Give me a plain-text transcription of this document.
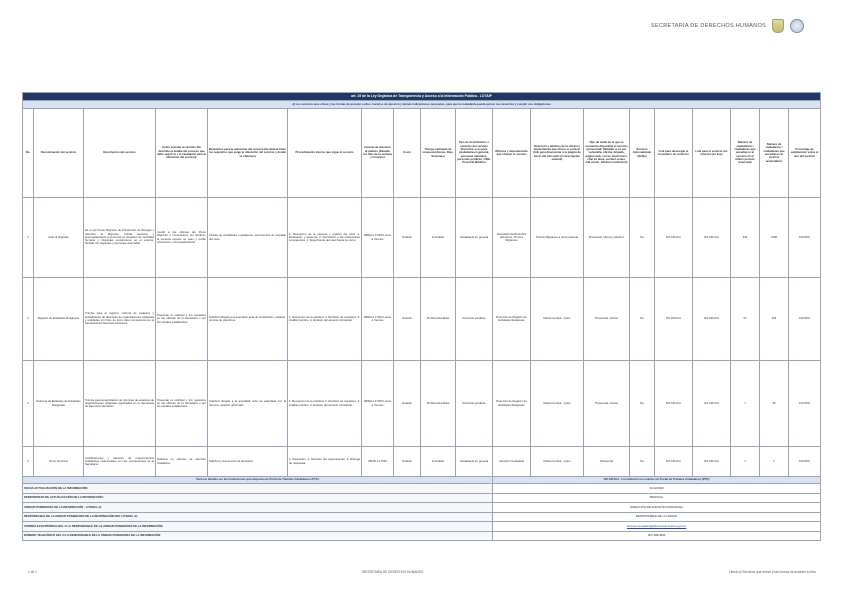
SECRETARÍA DE DERECHOS HUMANOS
art. 19 de la Ley Orgánica de Transparencia y Acceso a la Información Pública - LOTAIP																		
d) Los servicios que ofrece y las formas de acceder a ellos, horarios de atención y demás indicaciones necesarias, para que la ciudadanía pueda ejercer sus derechos y cumplir sus obligaciones																		
No.	Denominación del servicio	Descripción del servicio	Cómo acceder al servicio (Se describe el detalle del proceso que debe seguir la o el ciudadano para la obtención del servicio).	Requisitos para la obtención del servicio (Se deberá listar los requisitos que exige la obtención del servicio y donde se obtienen)	Procedimiento interno que sigue el servicio	Horario de atención al público (Detallar los días de la semana y horarios)	Costo	Tiempo estimado de respuesta (Horas, Días, Semanas)	Tipo de beneficiarios o usuarios del servicio (Describir si es para ciudadanía en general, personas naturales, personas jurídicas, ONG, Personal Médico)	Oficinas y dependencias que ofrecen el servicio	Dirección y teléfono de la oficina y dependencia que ofrece el servicio (link para direccionar a la página de inicio del sitio web y/o descripción manual)	Tipo de canal en el que se encuentra disponible el servicio (presencial: (Detallar si es por ventanilla, oficina, brigada, página web, correo electrónico, chat en línea, contact center, call center, teléfono institución)	Servicio Automatizado (Si/No)	Link para descargar el formulario de servicios	Link para el servicio por internet (on line)	Número de ciudadanos / ciudadanas que accedieron al servicio en el último período (mensual)	Número de ciudadanos / ciudadanas que accedieron al servicio acumulativo	Porcentaje de satisfacción sobre el uso del servicio
1	Asilo al Migrante	Es el (el) Punto Migrante de Prevención de Riesgos y Atención al Migrante, brinda asesoría y acompañamiento a personas en situación de movilidad humana y migrantes ecuatorianos en el exterior, familias de migrantes y personas retornadas.	Acudir a las oficinas del Punto Migrante o comunicarse por teléfono; la persona expone su caso y recibe orientación y acompañamiento.	Cédula de ciudadanía o pasaporte; documentos de respaldo del caso.	1. Recepción de la persona y registro del caso. 2. Evaluación y asesoría. 3. Derivación a las instituciones competentes. 4. Seguimiento del caso hasta su cierre.	08h00 a 17h00 Lunes a Viernes	Gratuito	Inmediato	Ciudadanía en general	Secretaría de Derechos Humanos - Puntos Migrantes	Puntos Migrantes a nivel nacional	Presencial, oficina y teléfono	No	NO APLICA	NO APLICA	324	3186	100,00%
2	Registro de Entidades Religiosas	Trámite para el registro, reforma de estatutos y actualización de directivas de organizaciones religiosas y entidades sin fines de lucro bajo competencia de la Secretaría de Derechos Humanos.	Presentar la solicitud y los requisitos en las oficinas de la Secretaría o por los canales establecidos.	Solicitud dirigida a la autoridad, acta de constitución, estatuto, nómina de miembros.	1. Recepción de la solicitud. 2. Revisión de requisitos. 3. Análisis jurídico. 4. Emisión del acuerdo ministerial.	08h00 a 17h00 Lunes a Viernes	Gratuito	15 días laborables	Personas jurídicas	Dirección de Registro de Entidades Religiosas	Planta Central - Quito	Presencial, oficina	No	NO APLICA	NO APLICA	57	464	100,00%
3	Reforma de Estatutos de Entidades Religiosas	Trámite para la aprobación de reformas de estatutos de organizaciones religiosas registradas en la Secretaría de Derechos Humanos.	Presentar la solicitud y los requisitos en las oficinas de la Secretaría o por los canales establecidos.	Solicitud dirigida a la autoridad, acta de asamblea con la reforma, estatuto reformado.	1. Recepción de la solicitud. 2. Revisión de requisitos. 3. Análisis jurídico. 4. Emisión del acuerdo ministerial.	08h00 a 17h00 Lunes a Viernes	Gratuito	15 días laborables	Personas jurídicas	Dirección de Registro de Entidades Religiosas	Planta Central - Quito	Presencial, oficina	No	NO APLICA	NO APLICA	7	95	100,00%
4	Otros Servicios	Certificaciones y atención de requerimientos ciudadanos relacionados con las competencias de la Secretaría.	Solicitud en oficinas de atención ciudadana.	Solicitud y documento de identidad.	1. Recepción. 2. Atención del requerimiento. 3. Entrega de respuesta.	08h00 a 17h00	Gratuito	Inmediato	Ciudadanía en general	Atención Ciudadana	Planta Central - Quito	Presencial	No	NO APLICA	NO APLICA	1	1	100,00%
Para ser llenado por las instituciones que disponen de Portal de Trámites Ciudadanos (PTC)										NO APLICA - La institución no cuenta con Portal de Trámites Ciudadanos (PTC)								
FECHA ACTUALIZACIÓN DE LA INFORMACIÓN:										31/12/2023								
PERIODICIDAD DE ACTUALIZACIÓN DE LA INFORMACIÓN:										MENSUAL								
UNIDAD POSEEDORA DE LA INFORMACIÓN - LITERAL d):										DIRECCIÓN DE ATENCIÓN CIUDADANA								
RESPONSABLE DE LA UNIDAD POSEEDORA DE LA INFORMACIÓN DEL LITERAL d):										RESPONSABLE DE LA UNIDAD								
CORREO ELECTRÓNICO DEL O LA RESPONSABLE DE LA UNIDAD POSEEDORA DE LA INFORMACIÓN:										atencion.ciudadana@derechoshumanos.gob.ec								
NÚMERO TELEFÓNICO DEL O LA RESPONSABLE DE LA UNIDAD POSEEDORA DE LA INFORMACIÓN:										(02) 398-4600								
1 de 1	SECRETARÍA DE DERECHOS HUMANOS	Literal d) Servicios que ofrece y las formas de acceder a ellos
